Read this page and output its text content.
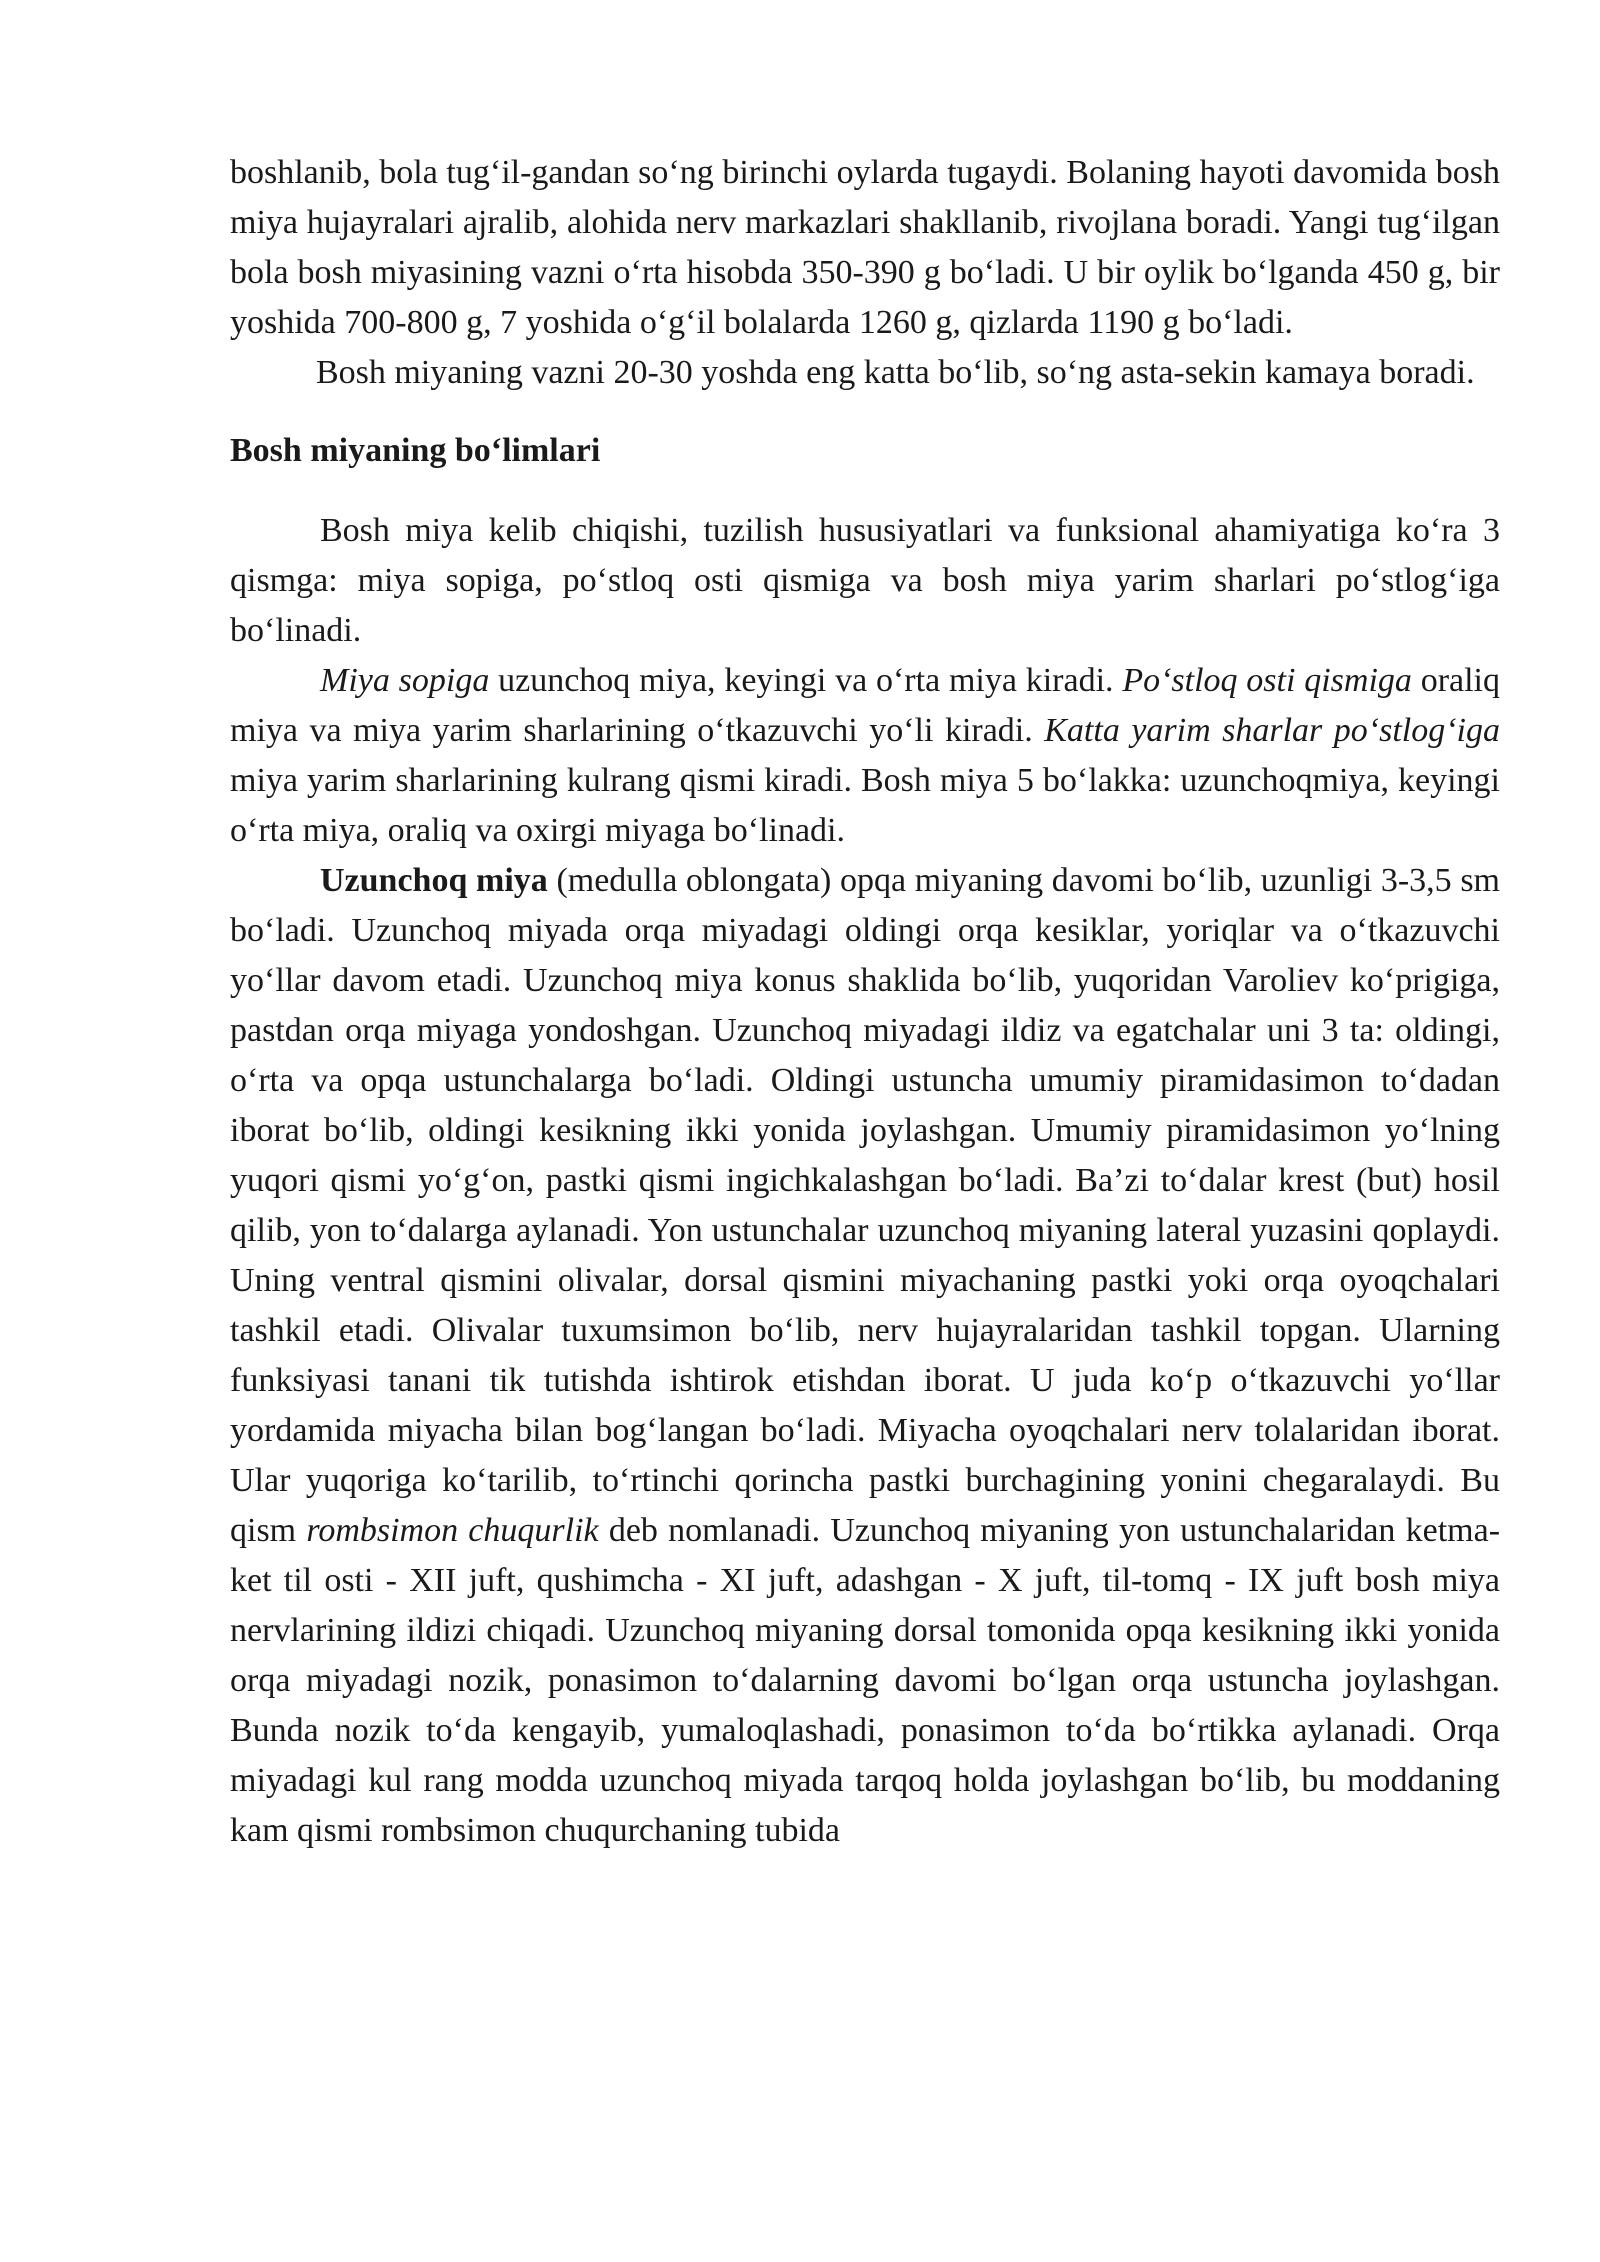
boshlanib, bola tug‘il-gandan so‘ng birinchi oylarda tugaydi. Bolaning hayoti davomida bosh miya hujayralari ajralib, alohida nerv markazlari shakllanib, rivojlana boradi. Yangi tug‘ilgan bola bosh miyasining vazni o‘rta hisobda 350-390 g bo‘ladi. U bir oylik bo‘lganda 450 g, bir yoshida 700-800 g, 7 yoshida o‘g‘il bolalarda 1260 g, qizlarda 1190 g bo‘ladi.

Bosh miyaning vazni 20-30 yoshda eng katta bo‘lib, so‘ng asta-sekin kamaya boradi.

Bosh miyaning bo‘limlari

Bosh miya kelib chiqishi, tuzilish hususiyatlari va funksional ahamiyatiga ko‘ra 3 qismga: miya sopiga, po‘stloq osti qismiga va bosh miya yarim sharlari po‘stlog‘iga bo‘linadi.

Miya sopiga uzunchoq miya, keyingi va o‘rta miya kiradi. Po‘stloq osti qismiga oraliq miya va miya yarim sharlarining o‘tkazuvchi yo‘li kiradi. Katta yarim sharlar po‘stlog‘iga miya yarim sharlarining kulrang qismi kiradi. Bosh miya 5 bo‘lakka: uzunchoqmiya, keyingi o‘rta miya, oraliq va oxirgi miyaga bo‘linadi.

Uzunchoq miya (medulla oblongata) opqa miyaning davomi bo‘lib, uzunligi 3-3,5 sm bo‘ladi. Uzunchoq miyada orqa miyadagi oldingi orqa kesiklar, yoriqlar va o‘tkazuvchi yo‘llar davom etadi. Uzunchoq miya konus shaklida bo‘lib, yuqoridan Varoliev ko‘prigiga, pastdan orqa miyaga yondoshgan. Uzunchoq miyadagi ildiz va egatchalar uni 3 ta: oldingi, o‘rta va opqa ustunchalarga bo‘ladi. Oldingi ustuncha umumiy piramidasimon to‘dadan iborat bo‘lib, oldingi kesikning ikki yonida joylashgan. Umumiy piramidasimon yo‘lning yuqori qismi yo‘g‘on, pastki qismi ingichkalashgan bo‘ladi. Ba’zi to‘dalar krest (but) hosil qilib, yon to‘dalarga aylanadi. Yon ustunchalar uzunchoq miyaning lateral yuzasini qoplaydi. Uning ventral qismini olivalar, dorsal qismini miyachaning pastki yoki orqa oyoqchalari tashkil etadi. Olivalar tuxumsimon bo‘lib, nerv hujayralaridan tashkil topgan. Ularning funksiyasi tanani tik tutishda ishtirok etishdan iborat. U juda ko‘p o‘tkazuvchi yo‘llar yordamida miyacha bilan bog‘langan bo‘ladi. Miyacha oyoqchalari nerv tolalaridan iborat. Ular yuqoriga ko‘tarilib, to‘rtinchi qorincha pastki burchagining yonini chegaralaydi. Bu qism rombsimon chuqurlik deb nomlanadi. Uzunchoq miyaning yon ustunchalaridan ketma-ket til osti - XII juft, qushimcha - XI juft, adashgan - X juft, til-tomq - IX juft bosh miya nervlarining ildizi chiqadi. Uzunchoq miyaning dorsal tomonida opqa kesikning ikki yonida orqa miyadagi nozik, ponasimon to‘dalarning davomi bo‘lgan orqa ustuncha joylashgan. Bunda nozik to‘da kengayib, yumaloqlashadi, ponasimon to‘da bo‘rtikka aylanadi. Orqa miyadagi kul rang modda uzunchoq miyada tarqoq holda joylashgan bo‘lib, bu moddaning kam qismi rombsimon chuqurchaning tubida
